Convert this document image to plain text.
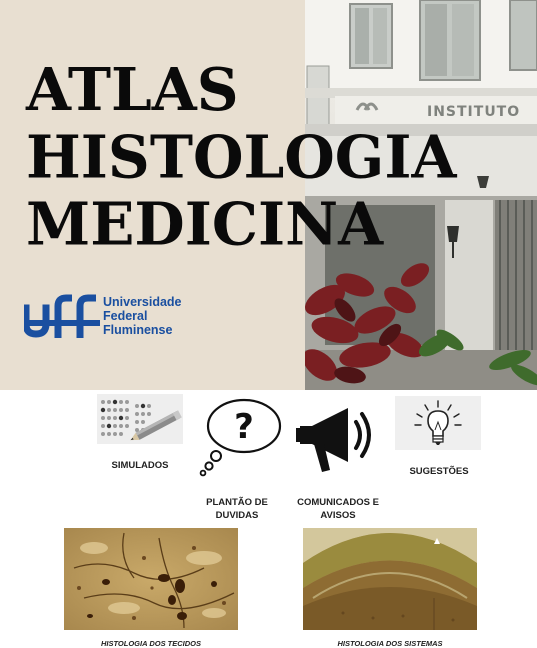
INSTITUTO
ATLAS
HISTOLOGIA
MEDICINA
Universidade
Federal
Fluminense
SIMULADOS
?
PLANTÃO DE
DUVIDAS
COMUNICADOS E
AVISOS
SUGESTÕES
HISTOLOGIA DOS TECIDOS	HISTOLOGIA DOS SISTEMAS
